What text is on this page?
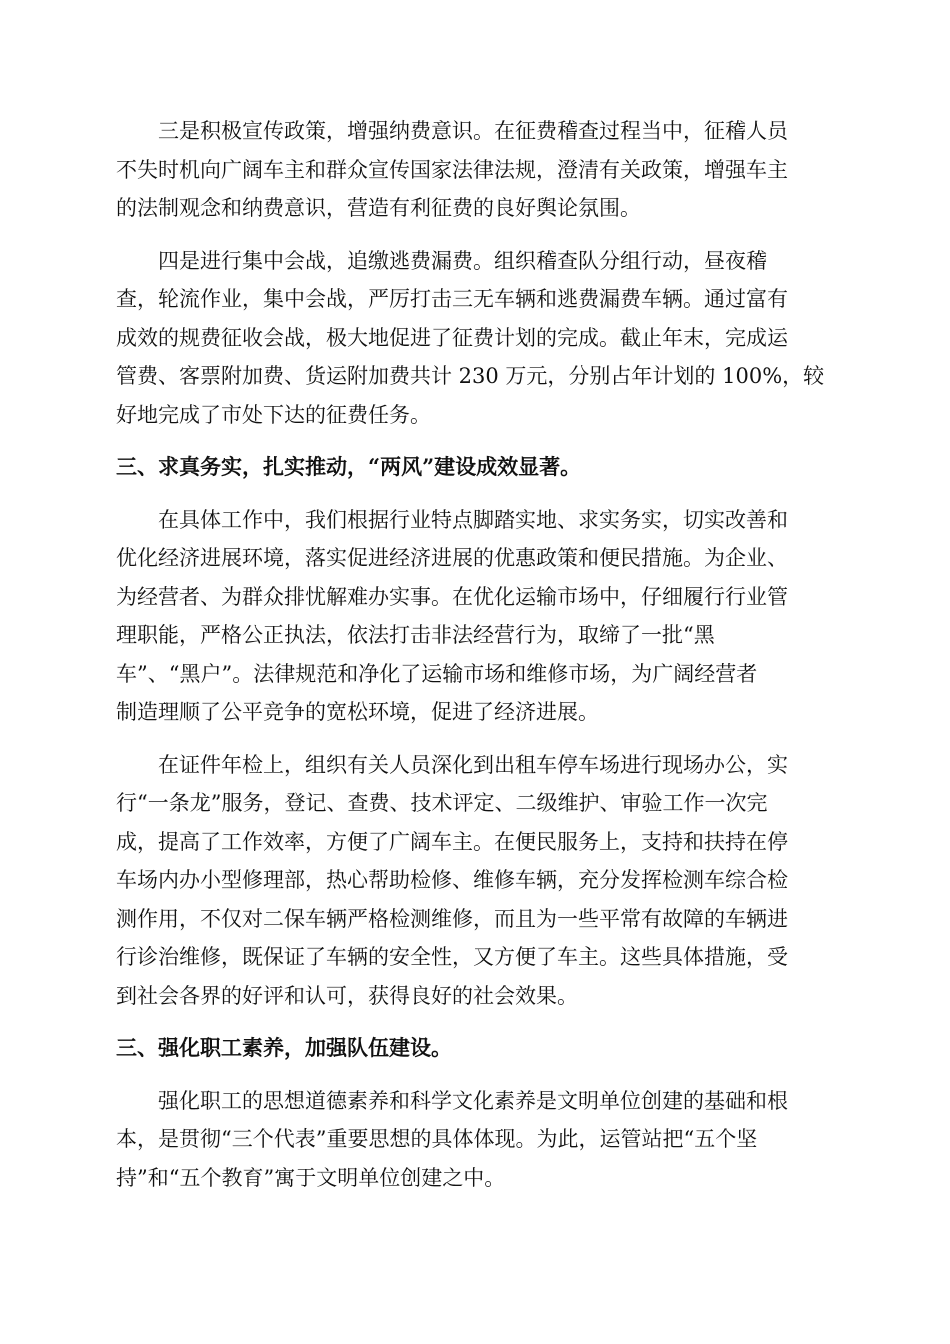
三是积极宣传政策，增强纳费意识。在征费稽查过程当中，征稽人员
不失时机向广阔车主和群众宣传国家法律法规，澄清有关政策，增强车主
的法制观念和纳费意识，营造有利征费的良好舆论氛围。
四是进行集中会战，追缴逃费漏费。组织稽查队分组行动，昼夜稽
查，轮流作业，集中会战，严厉打击三无车辆和逃费漏费车辆。通过富有
成效的规费征收会战，极大地促进了征费计划的完成。截止年末，完成运
管费、客票附加费、货运附加费共计 230 万元，分别占年计划的 100%，较
好地完成了市处下达的征费任务。
三、求真务实，扎实推动，“两风”建设成效显著。
在具体工作中，我们根据行业特点脚踏实地、求实务实，切实改善和
优化经济进展环境，落实促进经济进展的优惠政策和便民措施。为企业、
为经营者、为群众排忧解难办实事。在优化运输市场中，仔细履行行业管
理职能，严格公正执法，依法打击非法经营行为，取缔了一批“黑
车”、“黑户”。法律规范和净化了运输市场和维修市场，为广阔经营者
制造理顺了公平竞争的宽松环境，促进了经济进展。
在证件年检上，组织有关人员深化到出租车停车场进行现场办公，实
行“一条龙”服务，登记、查费、技术评定、二级维护、审验工作一次完
成，提高了工作效率，方便了广阔车主。在便民服务上，支持和扶持在停
车场内办小型修理部，热心帮助检修、维修车辆，充分发挥检测车综合检
测作用，不仅对二保车辆严格检测维修，而且为一些平常有故障的车辆进
行诊治维修，既保证了车辆的安全性，又方便了车主。这些具体措施，受
到社会各界的好评和认可，获得良好的社会效果。
三、强化职工素养，加强队伍建设。
强化职工的思想道德素养和科学文化素养是文明单位创建的基础和根
本，是贯彻“三个代表”重要思想的具体体现。为此，运管站把“五个坚
持”和“五个教育”寓于文明单位创建之中。
